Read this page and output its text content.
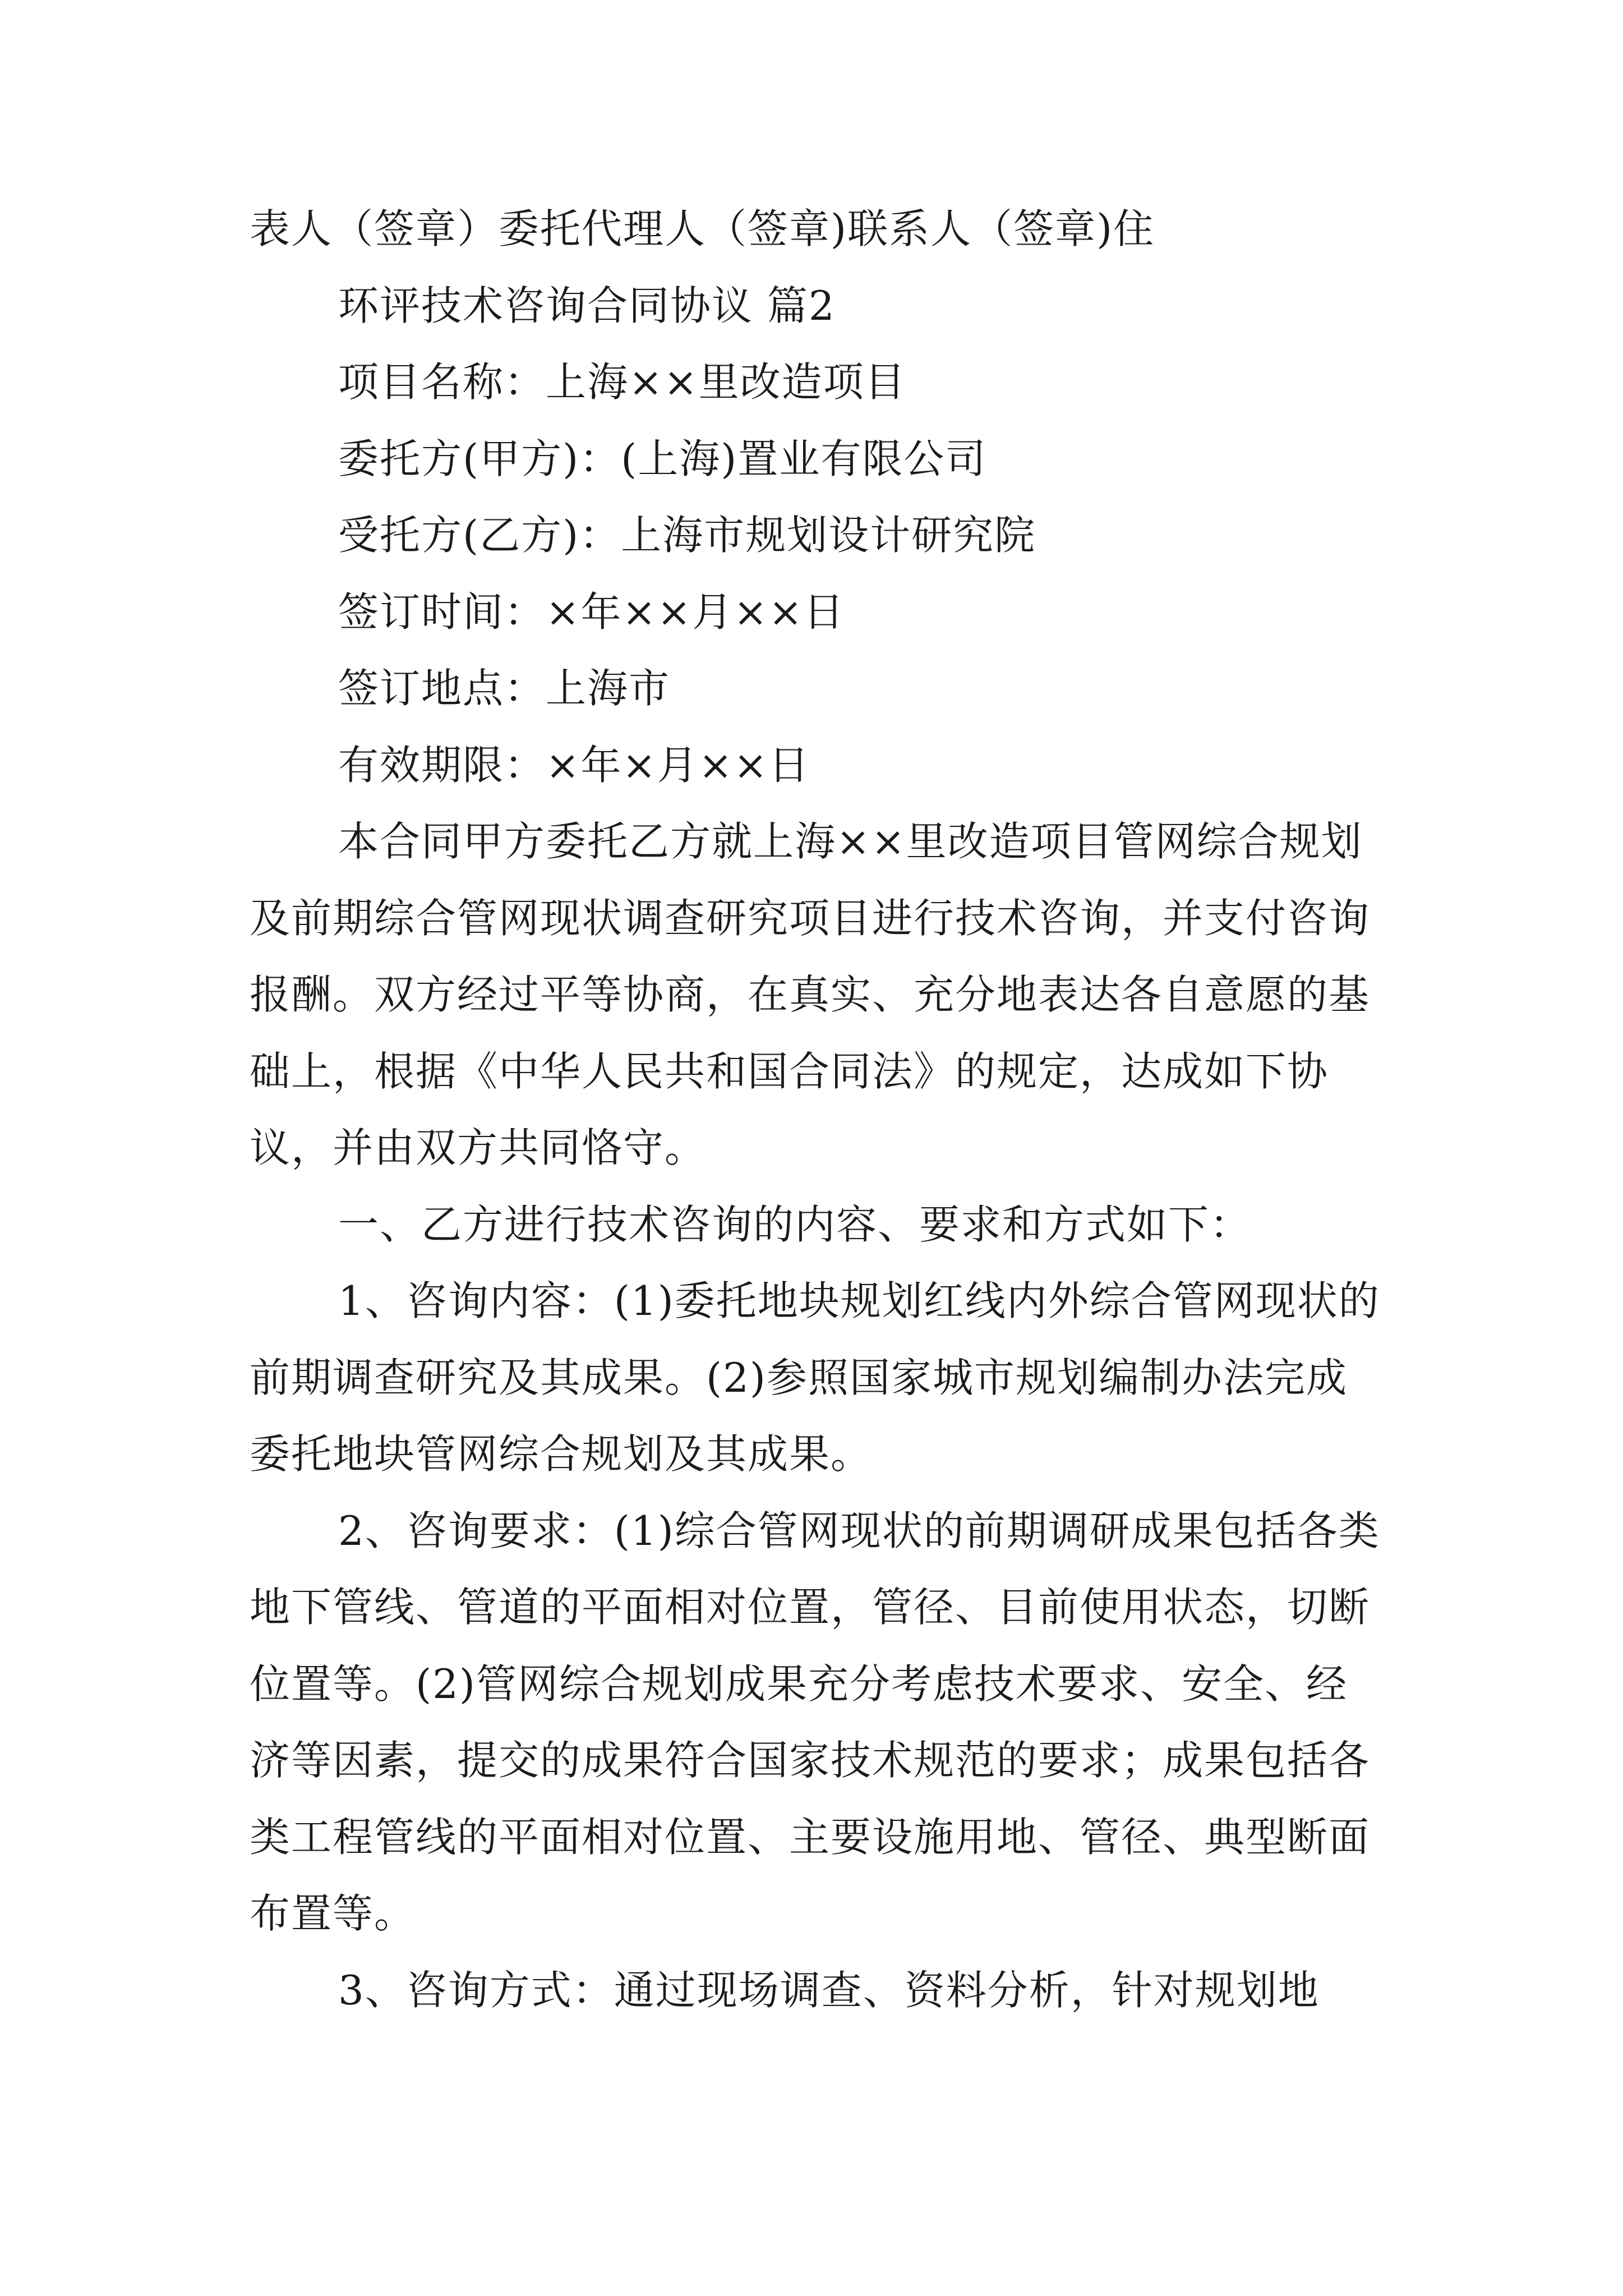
表人（签章）委托代理人（签章)联系人（签章)住

环评技术咨询合同协议 篇2

项目名称：上海××里改造项目

委托方(甲方)：(上海)置业有限公司

受托方(乙方)：上海市规划设计研究院

签订时间：×年××月××日

签订地点：上海市

有效期限：×年×月××日

本合同甲方委托乙方就上海××里改造项目管网综合规划及前期综合管网现状调查研究项目进行技术咨询，并支付咨询报酬。双方经过平等协商，在真实、充分地表达各自意愿的基础上，根据《中华人民共和国合同法》的规定，达成如下协议，并由双方共同恪守。

一、乙方进行技术咨询的内容、要求和方式如下：

1、咨询内容：(1)委托地块规划红线内外综合管网现状的前期调查研究及其成果。(2)参照国家城市规划编制办法完成委托地块管网综合规划及其成果。

2、咨询要求：(1)综合管网现状的前期调研成果包括各类地下管线、管道的平面相对位置，管径、目前使用状态，切断位置等。(2)管网综合规划成果充分考虑技术要求、安全、经济等因素，提交的成果符合国家技术规范的要求；成果包括各类工程管线的平面相对位置、主要设施用地、管径、典型断面布置等。

3、咨询方式：通过现场调查、资料分析，针对规划地
